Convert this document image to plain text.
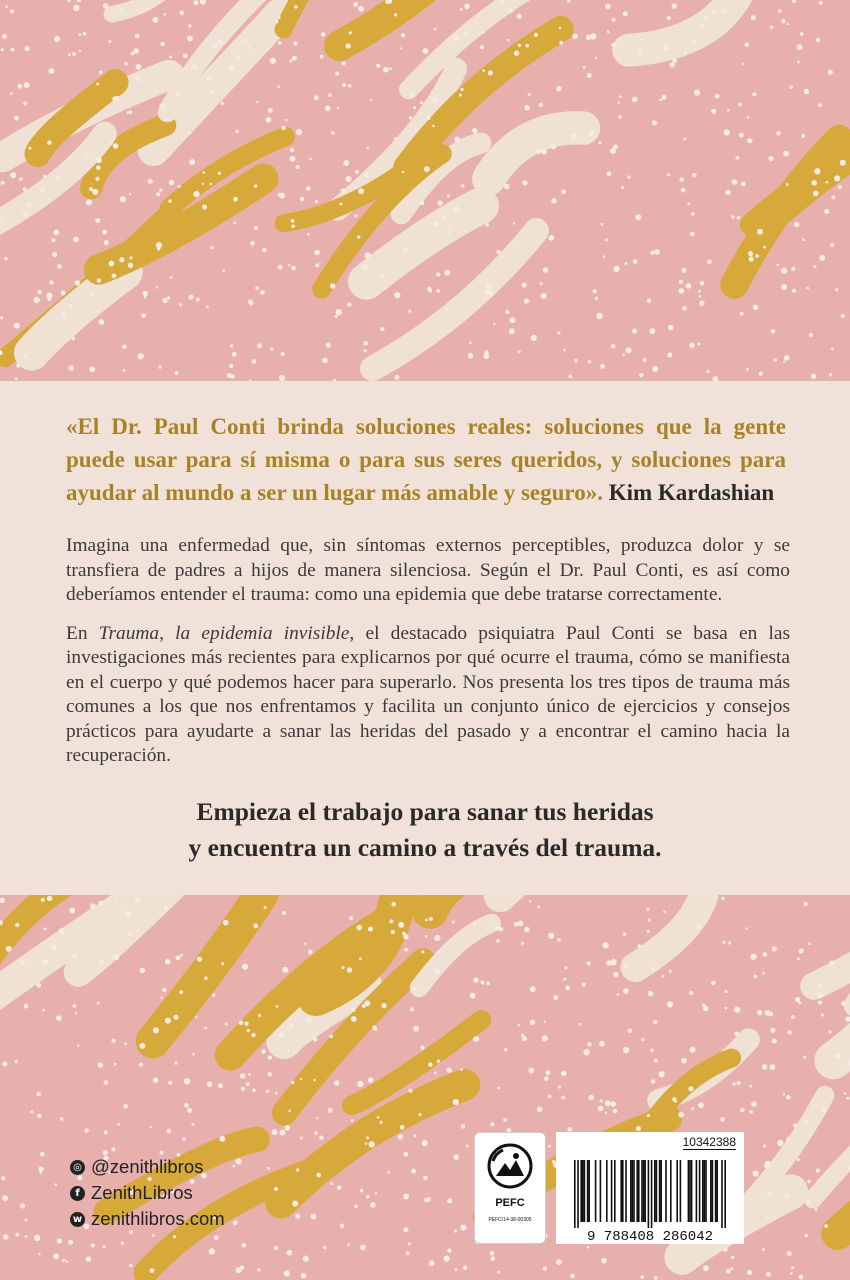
«El Dr. Paul Conti brinda soluciones reales: soluciones que la gente puede usar para sí misma o para sus seres queridos, y soluciones para ayudar al mundo a ser un lugar más amable y seguro». Kim Kardashian

Imagina una enfermedad que, sin síntomas externos perceptibles, produzca dolor y se transfiera de padres a hijos de manera silenciosa. Según el Dr. Paul Conti, es así como deberíamos entender el trauma: como una epidemia que debe tratarse correctamente.

En Trauma, la epidemia invisible, el destacado psiquiatra Paul Conti se basa en las investigaciones más recientes para explicarnos por qué ocurre el trauma, cómo se manifiesta en el cuerpo y qué podemos hacer para superarlo. Nos presenta los tres tipos de trauma más comunes a los que nos enfrentamos y facilita un conjunto único de ejercicios y consejos prácticos para ayudarte a sanar las heridas del pasado y a encontrar el camino hacia la recuperación.

Empieza el trabajo para sanar tus heridas
y encuentra un camino a través del trauma.
◎ @zenithlibros
f ZenithLibros
w zenithlibros.com
PEFC
PEFC/14-38-00305
10342388
9 788408 286042
